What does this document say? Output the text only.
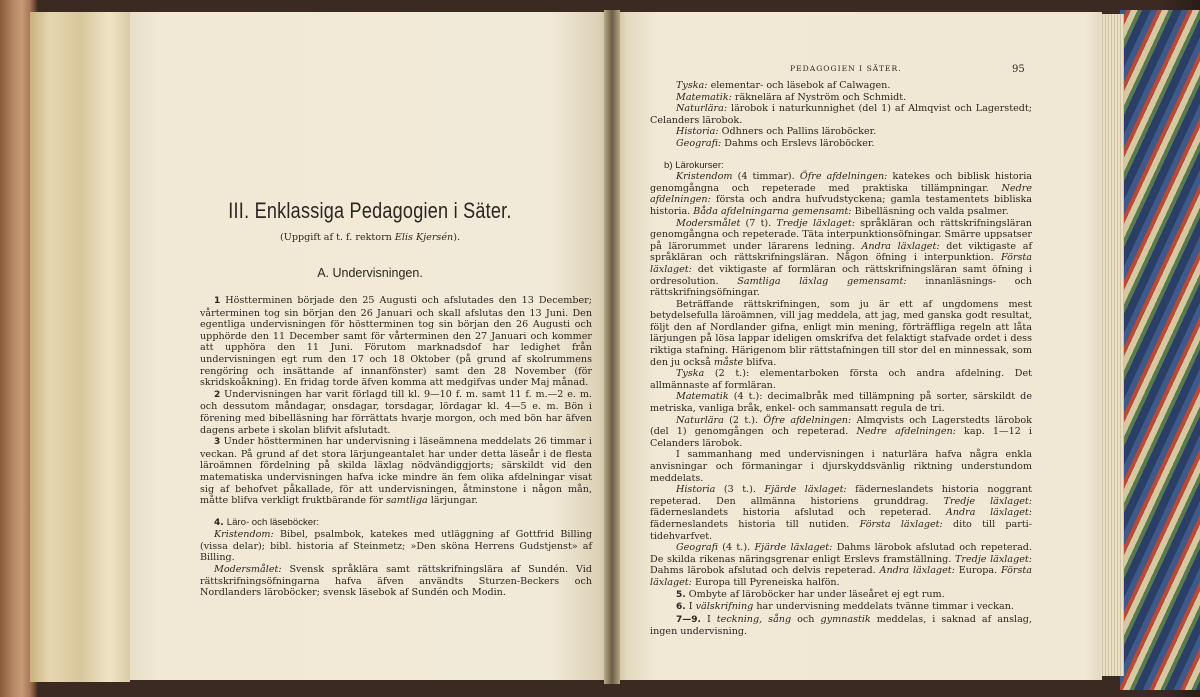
III. Enklassiga Pedagogien i Säter.
(Uppgift af t. f. rektorn Elis Kjersén).
A. Undervisningen.

1 Höstterminen började den 25 Augusti och afslutades den 13 December; vårterminen tog sin början den 26 Januari och skall afslutas den 13 Juni. Den egentliga undervisningen för höstterminen tog sin början den 26 Augusti och upphörde den 11 December samt för vårterminen den 27 Januari och kommer att upphöra den 11 Juni. Förutom marknadsdof har ledighet från undervisningen egt rum den 17 och 18 Oktober (på grund af skolrummens rengöring och insättande af innanfönster) samt den 28 November (för skridskoåkning). En fridag torde äfven komma att medgifvas under Maj månad.

2 Undervisningen har varit förlagd till kl. 9—10 f. m. samt 11 f. m.—2 e. m. och dessutom måndagar, onsdagar, torsdagar, lördagar kl. 4—5 e. m. Bön i förening med bibelläsning har förrättats hvarje morgon, och med bön har äfven dagens arbete i skolan blifvit afslutadt.

3 Under höstterminen har undervisning i läseämnena meddelats 26 timmar i veckan. På grund af det stora lärjungeantalet har under detta läseår i de flesta läroämnen fördelning på skilda läxlag nödvändiggjorts; särskildt vid den matematiska undervisningen hafva icke mindre än fem olika afdelningar visat sig af behofvet påkallade, för att undervisningen, åtminstone i någon mån, måtte blifva verkligt fruktbärande för samtliga lärjungar.

4. Läro- och läseböcker:

Kristendom: Bibel, psalmbok, katekes med utläggning af Gottfrid Billing (vissa delar); bibl. historia af Steinmetz; »Den sköna Herrens Gudstjenst» af Billing.

Modersmålet: Svensk språklära samt rättskrifningslära af Sundén. Vid rättskrifningsöfningarna hafva äfven användts Sturzen-Beckers och Nordlanders läroböcker; svensk läsebok af Sundén och Modin.

PEDAGOGIEN I SÄTER.	95

Tyska: elementar- och läsebok af Calwagen.

Matematik: räknelära af Nyström och Schmidt.

Naturlära: lärobok i naturkunnighet (del 1) af Almqvist och Lagerstedt; Celanders lärobok.

Historia: Odhners och Pallins läroböcker.

Geografi: Dahms och Erslevs läroböcker.

b) Lärokurser:

Kristendom (4 timmar). Öfre afdelningen: katekes och biblisk historia genomgångna och repeterade med praktiska tillämpningar. Nedre afdelningen: första och andra hufvudstyckena; gamla testamentets bibliska historia. Båda afdelningarna gemensamt: Bibelläsning och valda psalmer.

Modersmålet (7 t). Tredje läxlaget: språkläran och rättskrifningsläran genomgångna och repeterade. Täta interpunktionsöfningar. Smärre uppsatser på lärorummet under lärarens ledning. Andra läxlaget: det viktigaste af språkläran och rättskrifningsläran. Någon öfning i interpunktion. Första läxlaget: det viktigaste af formläran och rättskrifningsläran samt öfning i ordresolution. Samtliga läxlag gemensamt: innanläsnings- och rättskrifningsöfningar.

Beträffande rättskrifningen, som ju är ett af ungdomens mest betydelsefulla läroämnen, vill jag meddela, att jag, med ganska godt resultat, följt den af Nordlander gifna, enligt min mening, förträffliga regeln att låta lärjungen på lösa lappar ideligen omskrifva det felaktigt stafvade ordet i dess riktiga stafning. Härigenom blir rättstafningen till stor del en minnessak, som den ju också måste blifva.

Tyska (2 t.): elementarboken första och andra afdelning. Det allmännaste af formläran.

Matematik (4 t.): decimalbråk med tillämpning på sorter, särskildt de metriska, vanliga bråk, enkel- och sammansatt regula de tri.

Naturlära (2 t.). Öfre afdelningen: Almqvists och Lagerstedts lärobok (del 1) genomgången och repeterad. Nedre afdelningen: kap. 1—12 i Celanders lärobok.

I sammanhang med undervisningen i naturlära hafva några enkla anvisningar och förmaningar i djurskyddsvänlig riktning understundom meddelats.

Historia (3 t.). Fjärde läxlaget: fäderneslandets historia noggrant repeterad. Den allmänna historiens grunddrag. Tredje läxlaget: fäderneslandets historia afslutad och repeterad. Andra läxlaget: fäderneslandets historia till nutiden. Första läxlaget: dito till parti-tidehvarfvet.

Geografi (4 t.). Fjärde läxlaget: Dahms lärobok afslutad och repeterad. De skilda rikenas näringsgrenar enligt Erslevs framställning. Tredje läxlaget: Dahms lärobok afslutad och delvis repeterad. Andra läxlaget: Europa. Första läxlaget: Europa till Pyreneiska halfön.

5. Ombyte af läroböcker har under läseåret ej egt rum.

6. I välskrifning har undervisning meddelats tvänne timmar i veckan.

7—9. I teckning, sång och gymnastik meddelas, i saknad af anslag, ingen undervisning.
